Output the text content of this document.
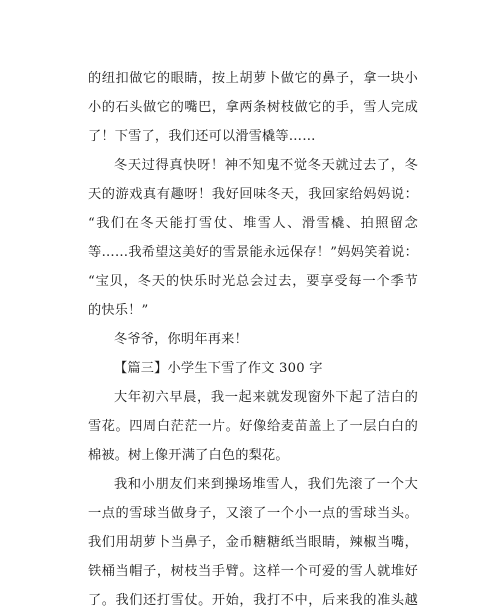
的纽扣做它的眼睛，按上胡萝卜做它的鼻子，拿一块小
小的石头做它的嘴巴，拿两条树枝做它的手，雪人完成
了！下雪了，我们还可以滑雪橇等……
冬天过得真快呀！神不知鬼不觉冬天就过去了，冬
天的游戏真有趣呀！我好回味冬天，我回家给妈妈说：
“我们在冬天能打雪仗、堆雪人、滑雪橇、拍照留念
等……我希望这美好的雪景能永远保存！”妈妈笑着说：
“宝贝，冬天的快乐时光总会过去，要享受每一个季节
的快乐！”
冬爷爷，你明年再来！
【篇三】小学生下雪了作文 300 字
大年初六早晨，我一起来就发现窗外下起了洁白的
雪花。四周白茫茫一片。好像给麦苗盖上了一层白白的
棉被。树上像开满了白色的梨花。
我和小朋友们来到操场堆雪人，我们先滚了一个大
一点的雪球当做身子，又滚了一个小一点的雪球当头。
我们用胡萝卜当鼻子，金币糖糖纸当眼睛，辣椒当嘴，
铁桶当帽子，树枝当手臂。这样一个可爱的雪人就堆好
了。我们还打雪仗。开始，我打不中，后来我的准头越
